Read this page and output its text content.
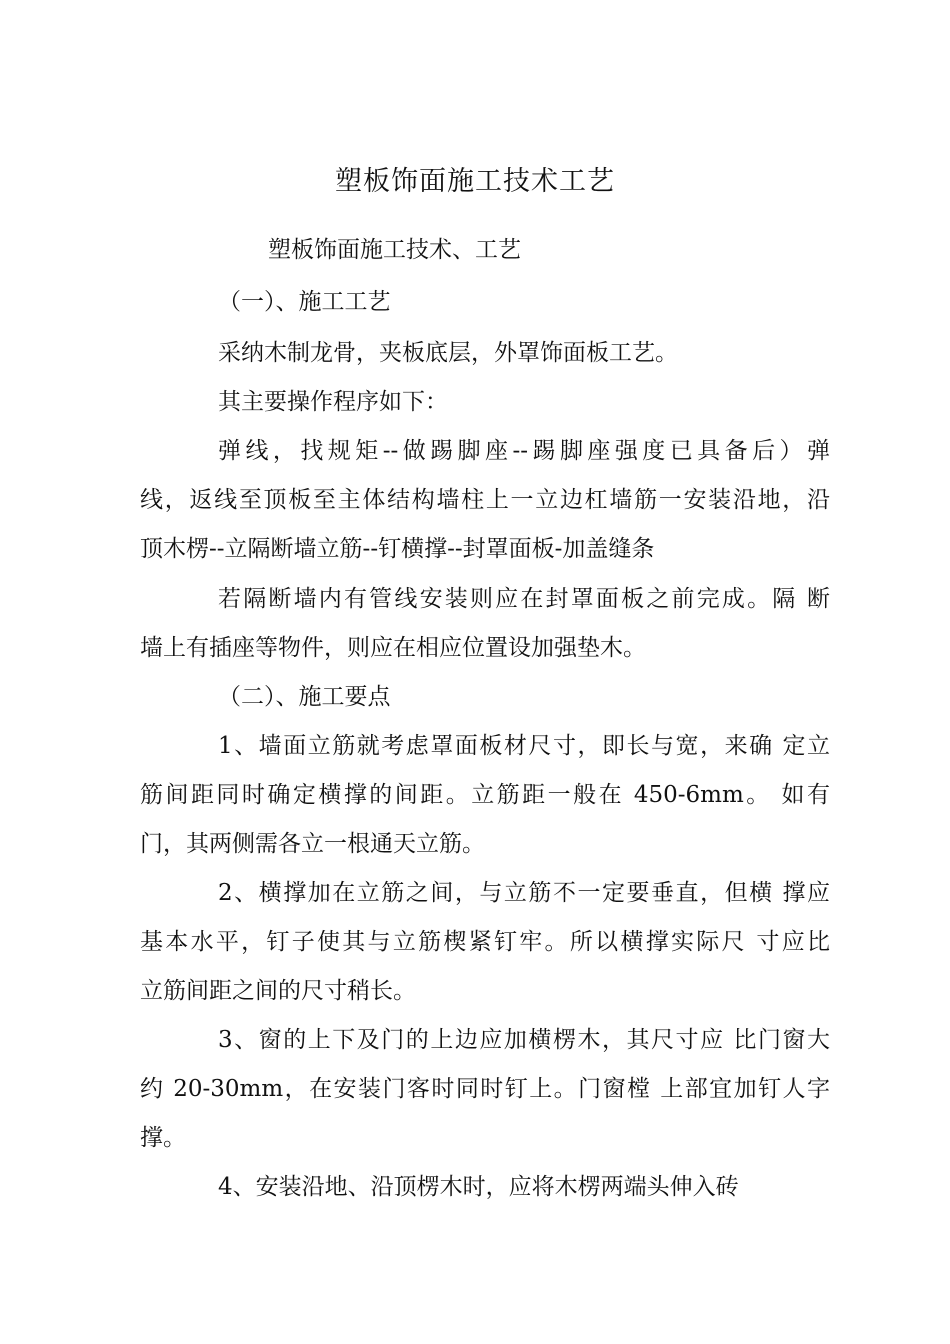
塑板饰面施工技术工艺
塑板饰面施工技术、工艺
（一）、施工工艺
采纳木制龙骨，夹板底层，外罩饰面板工艺。
其主要操作程序如下：
弹线，找规矩--做踢脚座--踢脚座强度已具备后）弹
线，返线至顶板至主体结构墙柱上一立边杠墙筋一安装沿地，沿
顶木楞--立隔断墙立筋--钉横撑--封罩面板-加盖缝条
若隔断墙内有管线安装则应在封罩面板之前完成。隔 断
墙上有插座等物件，则应在相应位置设加强垫木。
（二）、施工要点
1、墙面立筋就考虑罩面板材尺寸，即长与宽，来确 定立
筋间距同时确定横撑的间距。立筋距一般在 450-6mm。 如有
门，其两侧需各立一根通天立筋。
2、横撑加在立筋之间，与立筋不一定要垂直，但横 撑应
基本水平，钉子使其与立筋楔紧钉牢。所以横撑实际尺 寸应比
立筋间距之间的尺寸稍长。
3、窗的上下及门的上边应加横楞木，其尺寸应 比门窗大
约 20-30mm，在安装门客时同时钉上。门窗樘 上部宜加钉人字
撑。
4、安装沿地、沿顶楞木时，应将木楞两端头伸入砖
